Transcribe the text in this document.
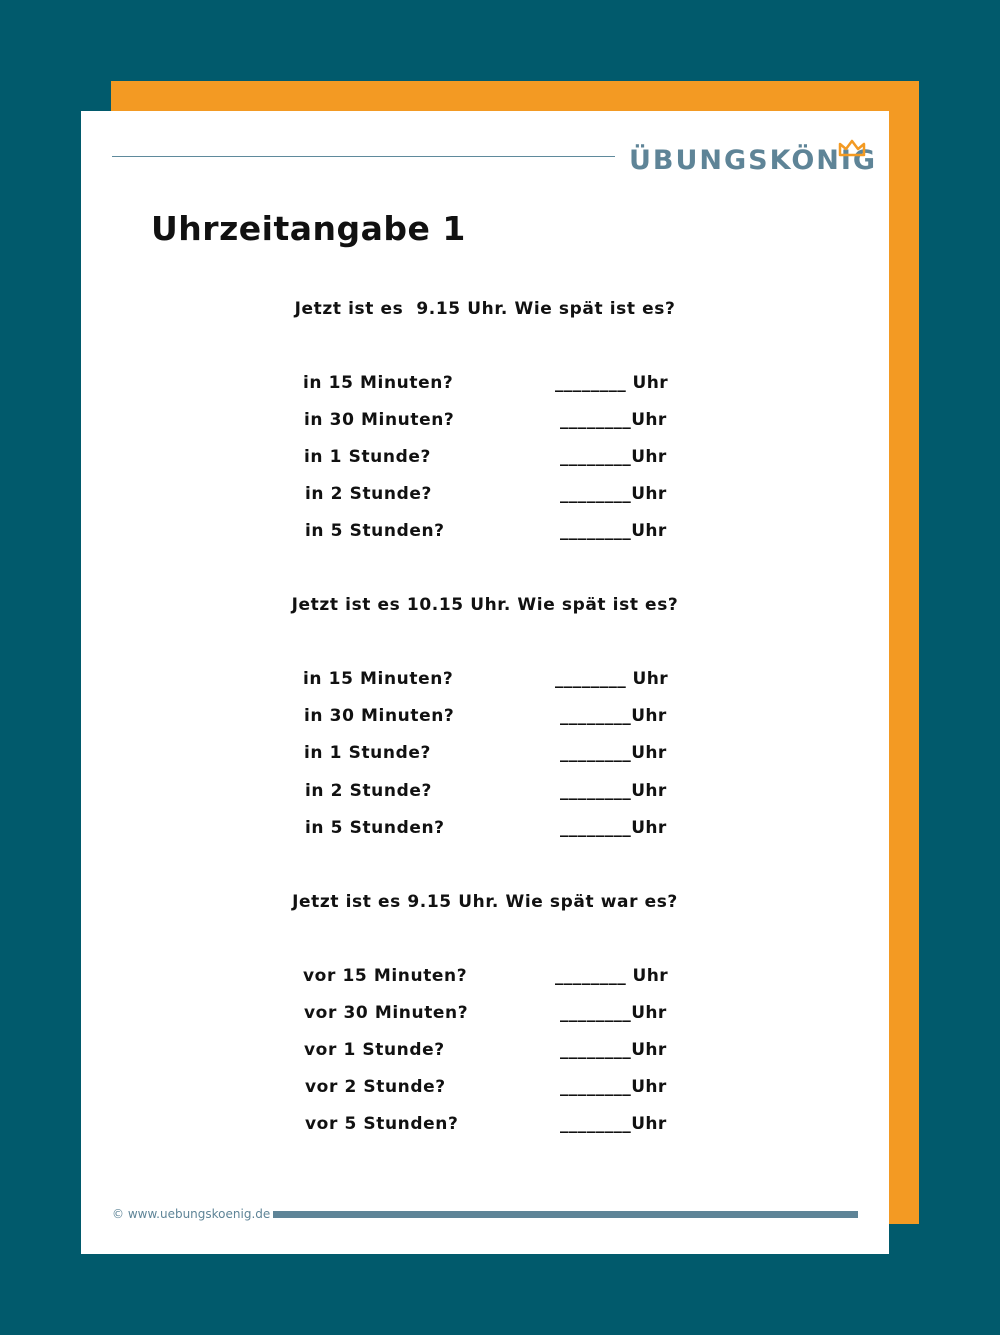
ÜBUNGSKÖNIG
Uhrzeitangabe 1
Jetzt ist es  9.15 Uhr. Wie spät ist es?
in 15 Minuten?	________ Uhr
in 30 Minuten?	________Uhr
in 1 Stunde?	________Uhr
in 2 Stunde?	________Uhr
in 5 Stunden?	________Uhr
Jetzt ist es 10.15 Uhr. Wie spät ist es?
in 15 Minuten?	________ Uhr
in 30 Minuten?	________Uhr
in 1 Stunde?	________Uhr
in 2 Stunde?	________Uhr
in 5 Stunden?	________Uhr
Jetzt ist es 9.15 Uhr. Wie spät war es?
vor 15 Minuten?	________ Uhr
vor 30 Minuten?	________Uhr
vor 1 Stunde?	________Uhr
vor 2 Stunde?	________Uhr
vor 5 Stunden?	________Uhr
© www.uebungskoenig.de
